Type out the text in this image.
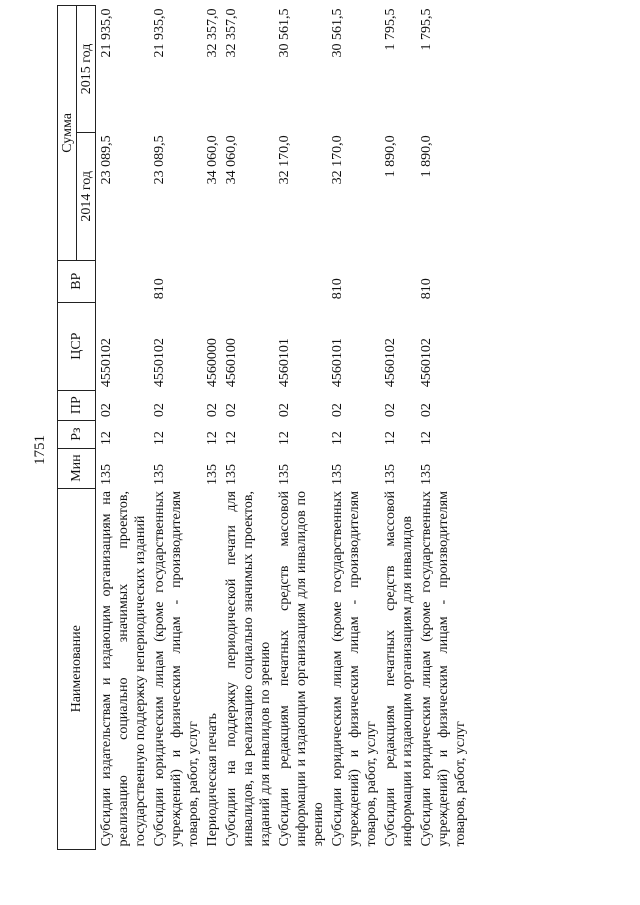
1751
Наименование	Мин	Рз	ПР	ЦСР	ВР	Сумма	
						2014 год	2015 год
Субсидии издательствам и издающим организациям на реализацию социально значимых проектов, государственную поддержку непериодических изданий	135	12	02	4550102		23 089,5	21 935,0
Субсидии юридическим лицам (кроме государственных учреждений) и физическим лицам - производителям товаров, работ, услуг	135	12	02	4550102	810	23 089,5	21 935,0
Периодическая печать	135	12	02	4560000		34 060,0	32 357,0
Субсидии на поддержку периодической печати для инвалидов, на реализацию социально значимых проектов, изданий для инвалидов по зрению	135	12	02	4560100		34 060,0	32 357,0
Субсидии редакциям печатных средств массовой информации и издающим организациям для инвалидов по зрению	135	12	02	4560101		32 170,0	30 561,5
Субсидии юридическим лицам (кроме государственных учреждений) и физическим лицам - производителям товаров, работ, услуг	135	12	02	4560101	810	32 170,0	30 561,5
Субсидии редакциям печатных средств массовой информации и издающим организациям для инвалидов	135	12	02	4560102		1 890,0	1 795,5
Субсидии юридическим лицам (кроме государственных учреждений) и физическим лицам - производителям товаров, работ, услуг	135	12	02	4560102	810	1 890,0	1 795,5
